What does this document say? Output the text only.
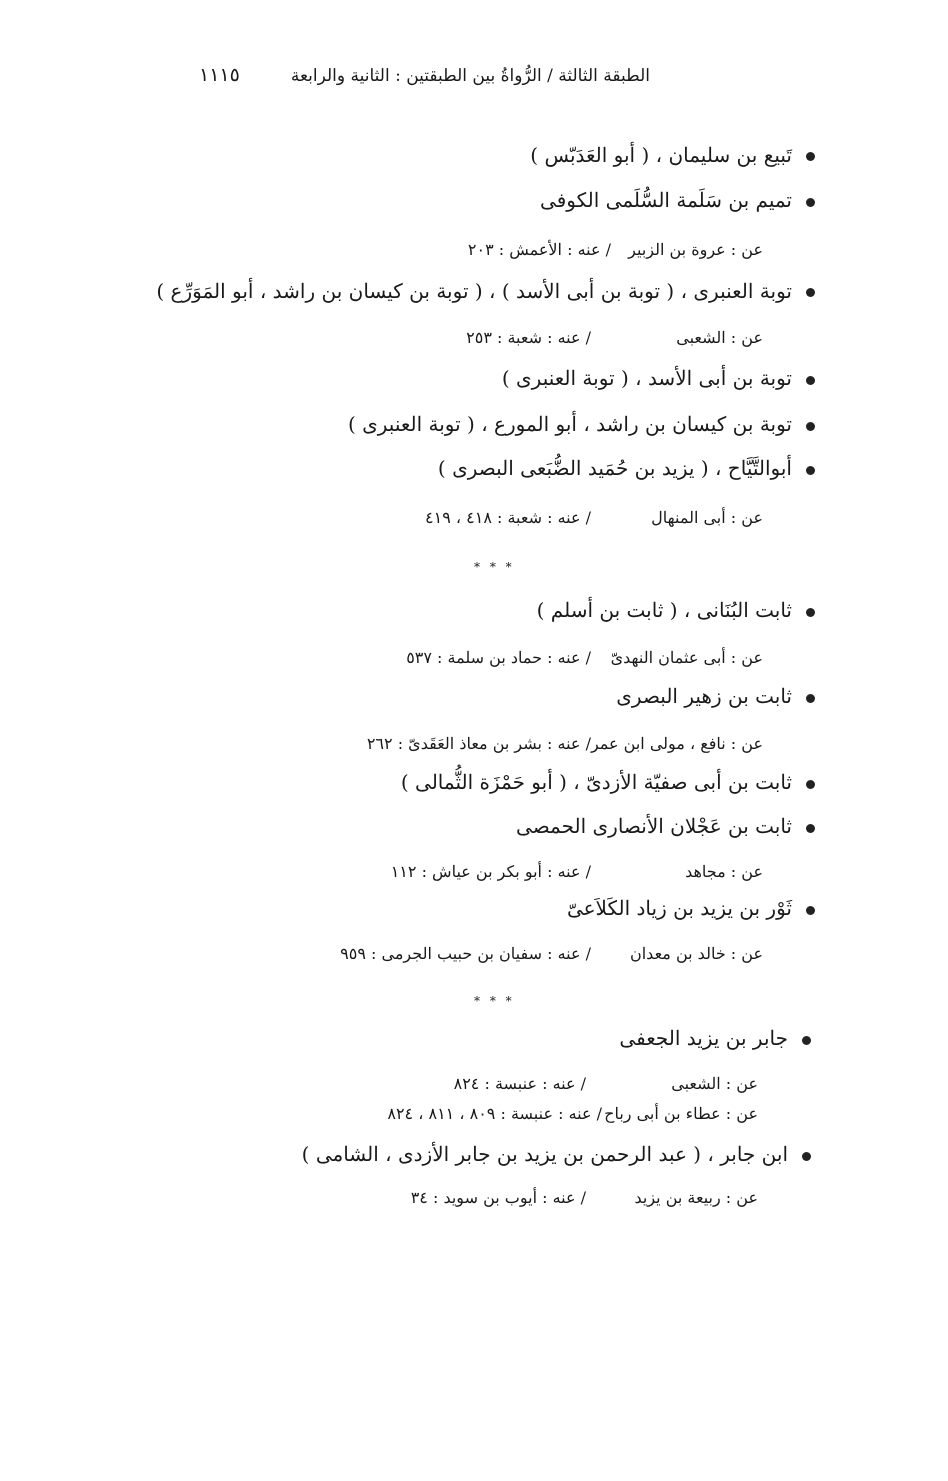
الطبقة الثالثة / الرُّواةُ بين الطبقتين : الثانية والرابعة
١١١٥
تَبيع بن سليمان ، ( أبو العَدَبّس )
تميم بن سَلَمة السُّلَمى الكوفى
عن : عروة بن الزبير
/ عنه : الأعمش : ٢٠٣
توبة العنبرى ، ( توبة بن أبى الأسد ) ، ( توبة بن كيسان بن راشد ، أبو المَوَرِّع )
عن : الشعبى
/ عنه : شعبة : ٢٥٣
توبة بن أبى الأسد ، ( توبة العنبرى )
توبة بن كيسان بن راشد ، أبو المورع ، ( توبة العنبرى )
أبوالتَّيَّاح ، ( يزيد بن حُمَيد الضُّبَعى البصرى )
عن : أبى المنهال
/ عنه : شعبة : ٤١٨ ، ٤١٩
* * *
ثابت البُنَانى ، ( ثابت بن أسلم )
عن : أبى عثمان النهدىّ
/ عنه : حماد بن سلمة : ٥٣٧
ثابت بن زهير البصرى
عن : نافع ، مولى ابن عمر/ عنه : بشر بن معاذ العَقَدىّ : ٢٦٢
ثابت بن أبى صفيّة الأزدىّ ، ( أبو حَمْزَة الثُّمالى )
ثابت بن عَجْلان الأنصارى الحمصى
عن : مجاهد
/ عنه : أبو بكر بن عياش : ١١٢
ثَوْر بن يزيد بن زياد الكَلاَعىّ
عن : خالد بن معدان
/ عنه : سفيان بن حبيب الجرمى : ٩٥٩
* * *
جابر بن يزيد الجعفى
عن : الشعبى
/ عنه : عنبسة : ٨٢٤
عن : عطاء بن أبى رباح
/ عنه : عنبسة : ٨٠٩ ، ٨١١ ، ٨٢٤
ابن جابر ، ( عبد الرحمن بن يزيد بن جابر الأزدى ، الشامى )
عن : ربيعة بن يزيد
/ عنه : أيوب بن سويد : ٣٤
